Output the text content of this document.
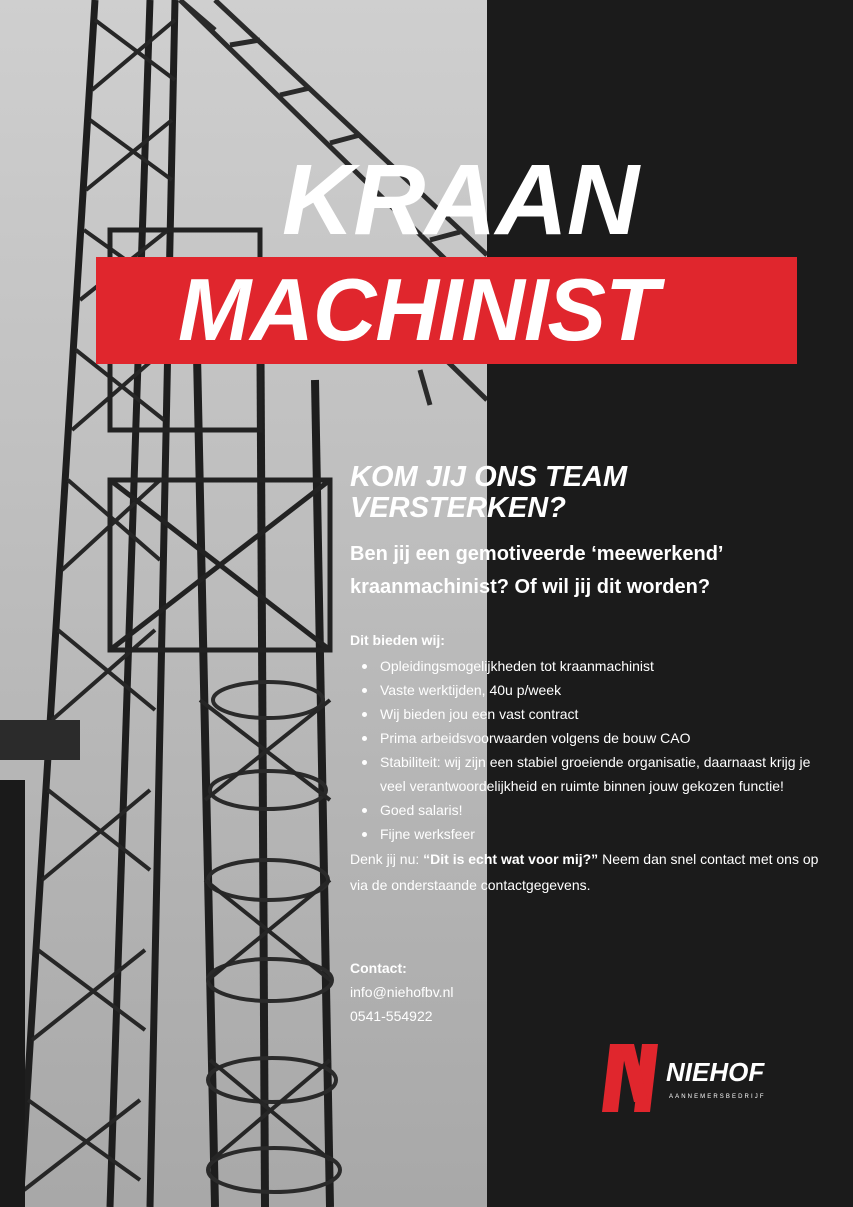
KRAAN
MACHINIST
KOM JIJ ONS TEAM VERSTERKEN?

Ben jij een gemotiveerde ‘meewerkend’ kraanmachinist? Of wil jij dit worden?

Dit bieden wij:

Opleidingsmogelijkheden tot kraanmachinist
Vaste werktijden, 40u p/week
Wij bieden jou een vast contract
Prima arbeidsvoorwaarden volgens de bouw CAO
Stabiliteit: wij zijn een stabiel groeiende organisatie, daarnaast krijg je veel verantwoordelijkheid en ruimte binnen jouw gekozen functie!
Goed salaris!
Fijne werksfeer

Denk jij nu: “Dit is echt wat voor mij?” Neem dan snel contact met ons op via de onderstaande contactgegevens.

Contact:

info@niehofbv.nl

0541-554922

NIEHOF
AANNEMERSBEDRIJF
